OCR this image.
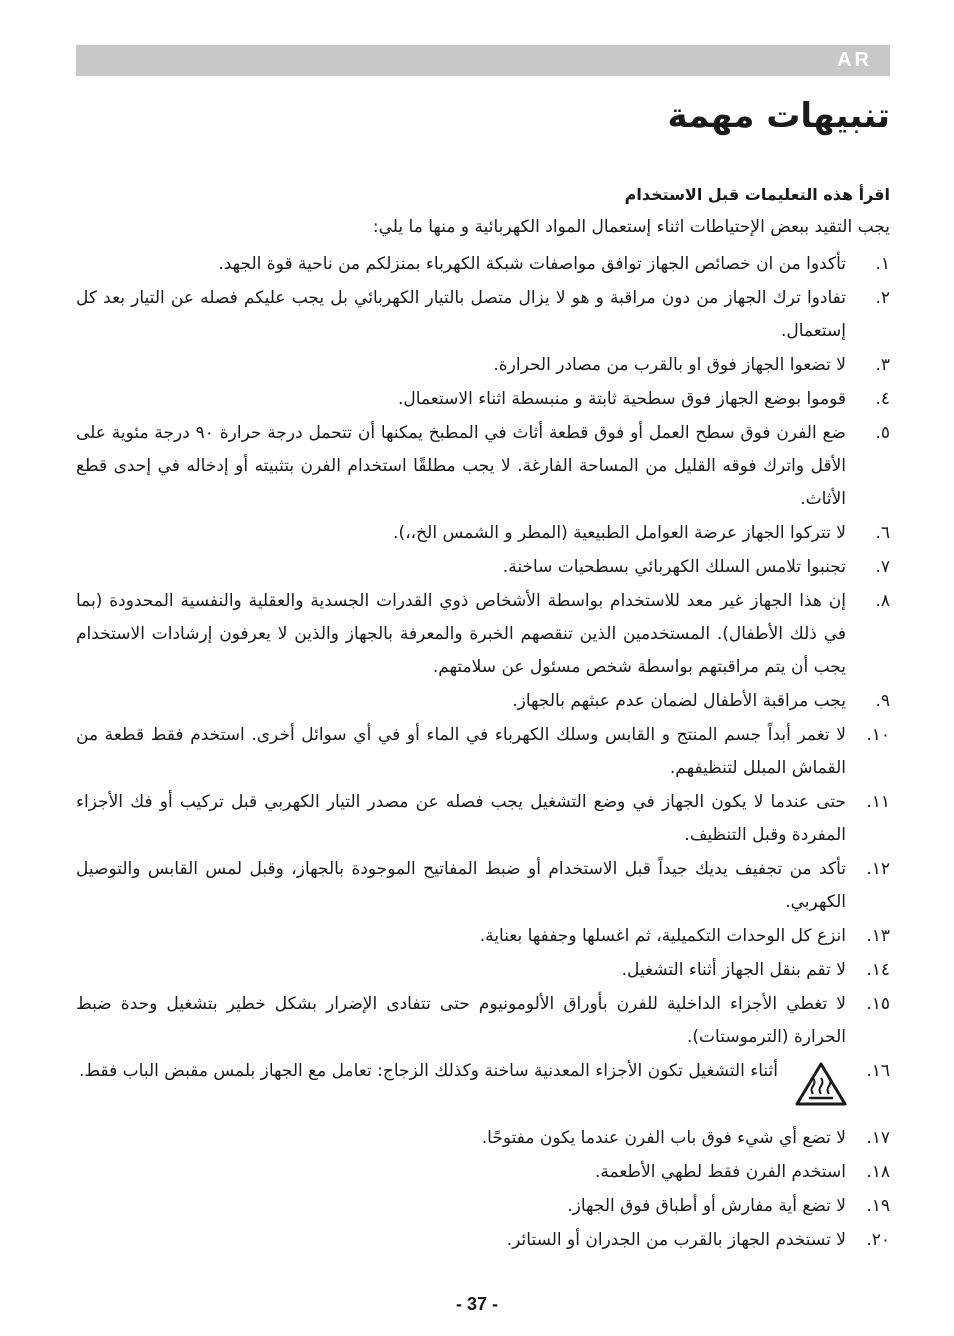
AR
تنبيهات مهمة

اقرأ هذه التعليمات قبل الاستخدام

يجب التقيد ببعض الإحتياطات اثناء إستعمال المواد الكهربائية و منها ما يلي:

١.
تأكدوا من ان خصائص الجهاز توافق مواصفات شبكة الكهرباء بمنزلكم من ناحية قوة الجهد.
٢.
تفادوا ترك الجهاز من دون مراقبة و هو لا يزال متصل بالتيار الكهربائي بل يجب عليكم فصله عن التيار بعد كل إستعمال.
٣.
لا تضعوا الجهاز فوق او بالقرب من مصادر الحرارة.
٤.
قوموا بوضع الجهاز فوق سطحية ثابتة و منبسطة اثناء الاستعمال.
٥.
ضع الفرن فوق سطح العمل أو فوق قطعة أثاث في المطبخ يمكنها أن تتحمل درجة حرارة ٩٠ درجة مئوية على الأقل واترك فوقه القليل من المساحة الفارغة. لا يجب مطلقًا استخدام الفرن بتثبيته أو إدخاله في إحدى قطع الأثاث.
٦.
لا تتركوا الجهاز عرضة العوامل الطبيعية (المطر و الشمس الخ،،).
٧.
تجنبوا تلامس السلك الكهربائي بسطحيات ساخنة.
٨.
إن هذا الجهاز غير معد للاستخدام بواسطة الأشخاص ذوي القدرات الجسدية والعقلية والنفسية المحدودة (بما في ذلك الأطفال). المستخدمين الذين تنقصهم الخبرة والمعرفة بالجهاز والذين لا يعرفون إرشادات الاستخدام يجب أن يتم مراقبتهم بواسطة شخص مسئول عن سلامتهم.
٩.
يجب مراقبة الأطفال لضمان عدم عبثهم بالجهاز.
١٠.
لا تغمر أبداً جسم المنتج و القابس وسلك الكهرباء في الماء أو في أي سوائل أخرى. استخدم فقط قطعة من القماش المبلل لتنظيفهم.
١١.
حتى عندما لا يكون الجهاز في وضع التشغيل يجب فصله عن مصدر التيار الكهربي قبل تركيب أو فك الأجزاء المفردة وقبل التنظيف.
١٢.
تأكد من تجفيف يديك جيداً قبل الاستخدام أو ضبط المفاتيح الموجودة بالجهاز، وقبل لمس القابس والتوصيل الكهربي.
١٣.
انزع كل الوحدات التكميلية، ثم اغسلها وجففها بعناية.
١٤.
لا تقم بنقل الجهاز أثناء التشغيل.
١٥.
لا تغطي الأجزاء الداخلية للفرن بأوراق الألومونيوم حتى تتفادى الإضرار بشكل خطير بتشغيل وحدة ضبط الحرارة (الترموستات).
١٦.
أثناء التشغيل تكون الأجزاء المعدنية ساخنة وكذلك الزجاج: تعامل مع الجهاز بلمس مقبض الباب فقط.
١٧.
لا تضع أي شيء فوق باب الفرن عندما يكون مفتوحًا.
١٨.
استخدم الفرن فقط لطهي الأطعمة.
١٩.
لا تضع أية مفارش أو أطباق فوق الجهاز.
٢٠.
لا تستخدم الجهاز بالقرب من الجدران أو الستائر.
- 37 -
